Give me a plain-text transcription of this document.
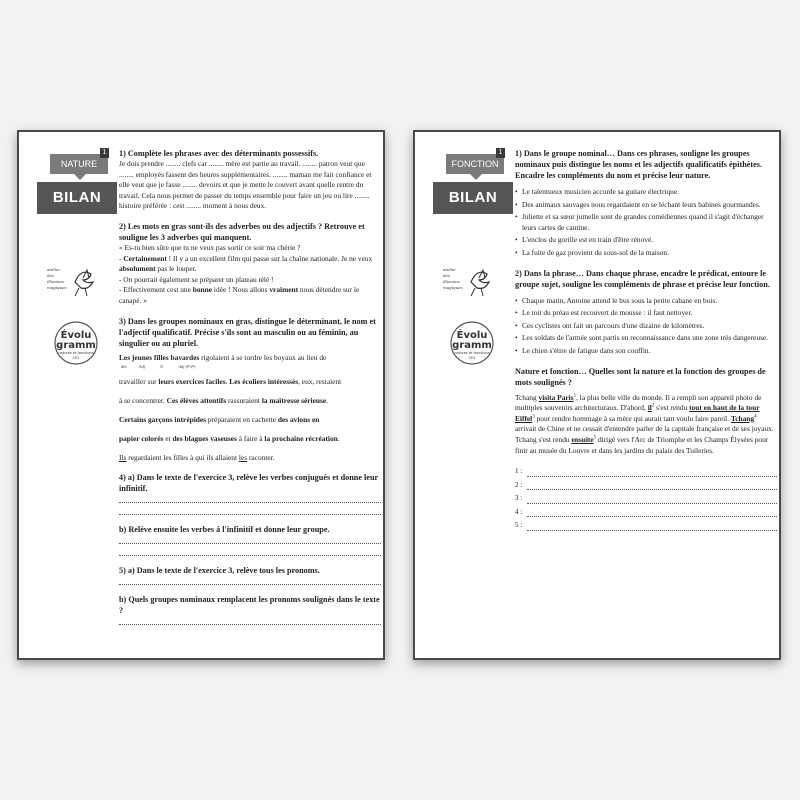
NATURE
1
BILAN
atelier
des
illusions
magiques
Évolu
gramm
natures et fonctions
CE2

1) Complète les phrases avec des déterminants possessifs.

Je dois prendre ........ clefs car ........ mère est partie au travail. ........ patron veut que ........ employés fassent des heures supplémentaires. ........ maman me fait confiance et elle veut que je fasse ........ devoirs et que je mette le couvert avant quelle rentre du travail. Cela nous permet de passer du temps ensemble pour faire un jeu ou lire ........ histoire préférée : cest ........ moment à nous deux.

2) Les mots en gras sont-ils des adverbes ou des adjectifs ? Retrouve et souligne les 3 adverbes qui manquent.

« Es-tu bien sûre que tu ne veux pas sortir ce soir ma chérie ?

- Certainement ! Il y a un excellent film qui passe sur la chaîne nationale. Je ne veux absolument pas le louper.

- On pourrait également se préparer un plateau télé !

- Effectivement cest une bonne idée ! Nous allons vraiment nous détendre sur le canapé. »

3) Dans les groupes nominaux en gras, distingue le déterminant, le nom et l'adjectif qualificatif. Précise s'ils sont au masculin ou au féminin, au singulier ou au pluriel.

Les jeunes filles bavardes rigolaient à se tordre les boyaux au lieu de

dét. Adj	N	Adj (F/P)

travailler sur leurs exercices faciles. Les écoliers intéressés, eux, restaient

à se concentrer. Ces élèves attentifs rassuraient la maîtresse sérieuse.

Certains garçons intrépides préparaient en cachette des avions en

papier colorés et des blagues vaseuses à faire à la prochaine récréation.

Ils regardaient les filles à qui ils allaient les raconter.

4) a) Dans le texte de l'exercice 3, relève les verbes conjugués et donne leur infinitif.

b) Relève ensuite les verbes à l'infinitif et donne leur groupe.

5) a) Dans le texte de l'exercice 3, relève tous les pronoms.

b) Quels groupes nominaux remplacent les pronoms soulignés dans le texte ?

FONCTION
1
BILAN
atelier
des
illusions
magiques
Évolu
gramm
natures et fonctions
CE2

1) Dans le groupe nominal… Dans ces phrases, souligne les groupes nominaux puis distingue les noms et les adjectifs qualificatifs épithètes. Encadre les compléments du nom et précise leur nature.

• Le talentueux musicien accorde sa guitare électrique.
• Des animaux sauvages nous regardaient en se léchant leurs babines gourmandes.
• Juliette et sa sœur jumelle sont de grandes comédiennes quand il s'agit d'échanger leurs cartes de cantine.
• L'enclos du gorille est en train d'être rénové.
• La fuite de gaz provient du sous-sol de la maison.

2) Dans la phrase… Dans chaque phrase, encadre le prédicat, entoure le groupe sujet, souligne les compléments de phrase et précise leur fonction.

• Chaque matin, Antoine attend le bus sous la petite cabane en bois.
• Le toit du préau est recouvert de mousse : il faut nettoyer.
• Ces cyclistes ont fait un parcours d'une dizaine de kilomètres.
• Les soldats de l'armée sont partis en reconnaissance dans une zone très dangereuse.
• Le chien s'étire de fatigue dans son couffin.

Nature et fonction… Quelles sont la nature et la fonction des groupes de mots soulignés ?

Tchang visita Paris$^1$, la plus belle ville du monde. Il a rempli son appareil photo de multiples souvenirs architecturaux. D'abord, $il^2$ s'est rendu tout en haut de la tour Eiffel$^3$ pour rendre hommage à sa mère qui aurait tant voulu faire pareil. Tchang$^4$ arrivait de Chine et ne cessait d'entendre parler de la capitale française et de ses joyaux. Tchang s'est rendu ensuite$^5$ dirigé vers l'Arc de Triomphe et les Champs Élysées pour finir au musée du Louvre et dans les jardins du palais des Tuileries.

1 :
2 :
3 :
4 :
5 :
